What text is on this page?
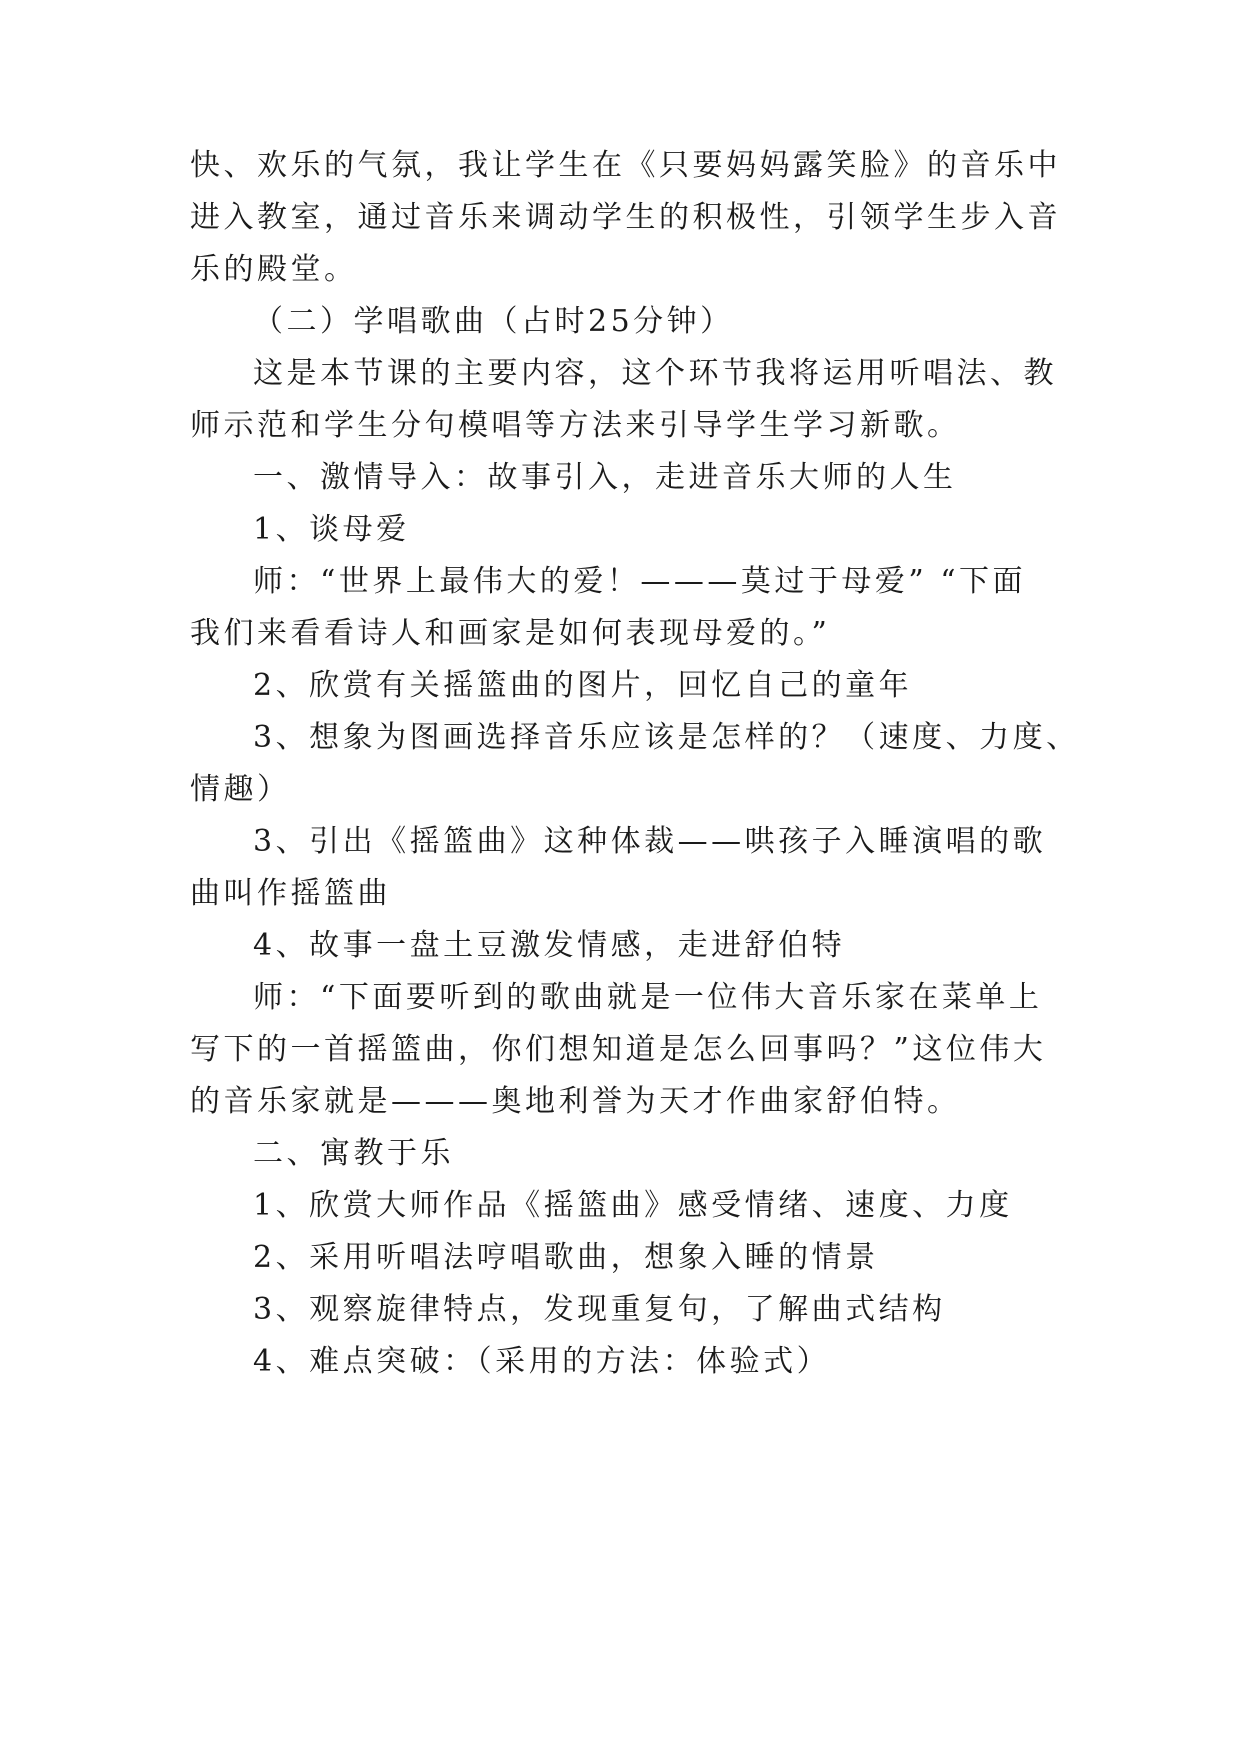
快、欢乐的气氛，我让学生在《只要妈妈露笑脸》的音乐中
进入教室，通过音乐来调动学生的积极性，引领学生步入音
乐的殿堂。
（二）学唱歌曲（占时25分钟）
这是本节课的主要内容，这个环节我将运用听唱法、教
师示范和学生分句模唱等方法来引导学生学习新歌。
一、激情导入：故事引入，走进音乐大师的人生
1、谈母爱
师：“世界上最伟大的爱！———莫过于母爱” “下面
我们来看看诗人和画家是如何表现母爱的。”
2、欣赏有关摇篮曲的图片，回忆自己的童年
3、想象为图画选择音乐应该是怎样的？（速度、力度、
情趣）
3、引出《摇篮曲》这种体裁——哄孩子入睡演唱的歌
曲叫作摇篮曲
4、故事一盘土豆激发情感，走进舒伯特
师：“下面要听到的歌曲就是一位伟大音乐家在菜单上
写下的一首摇篮曲，你们想知道是怎么回事吗？”这位伟大
的音乐家就是———奥地利誉为天才作曲家舒伯特。
二、寓教于乐
1、欣赏大师作品《摇篮曲》感受情绪、速度、力度
2、采用听唱法哼唱歌曲，想象入睡的情景
3、观察旋律特点，发现重复句，了解曲式结构
4、难点突破：（采用的方法：体验式）
